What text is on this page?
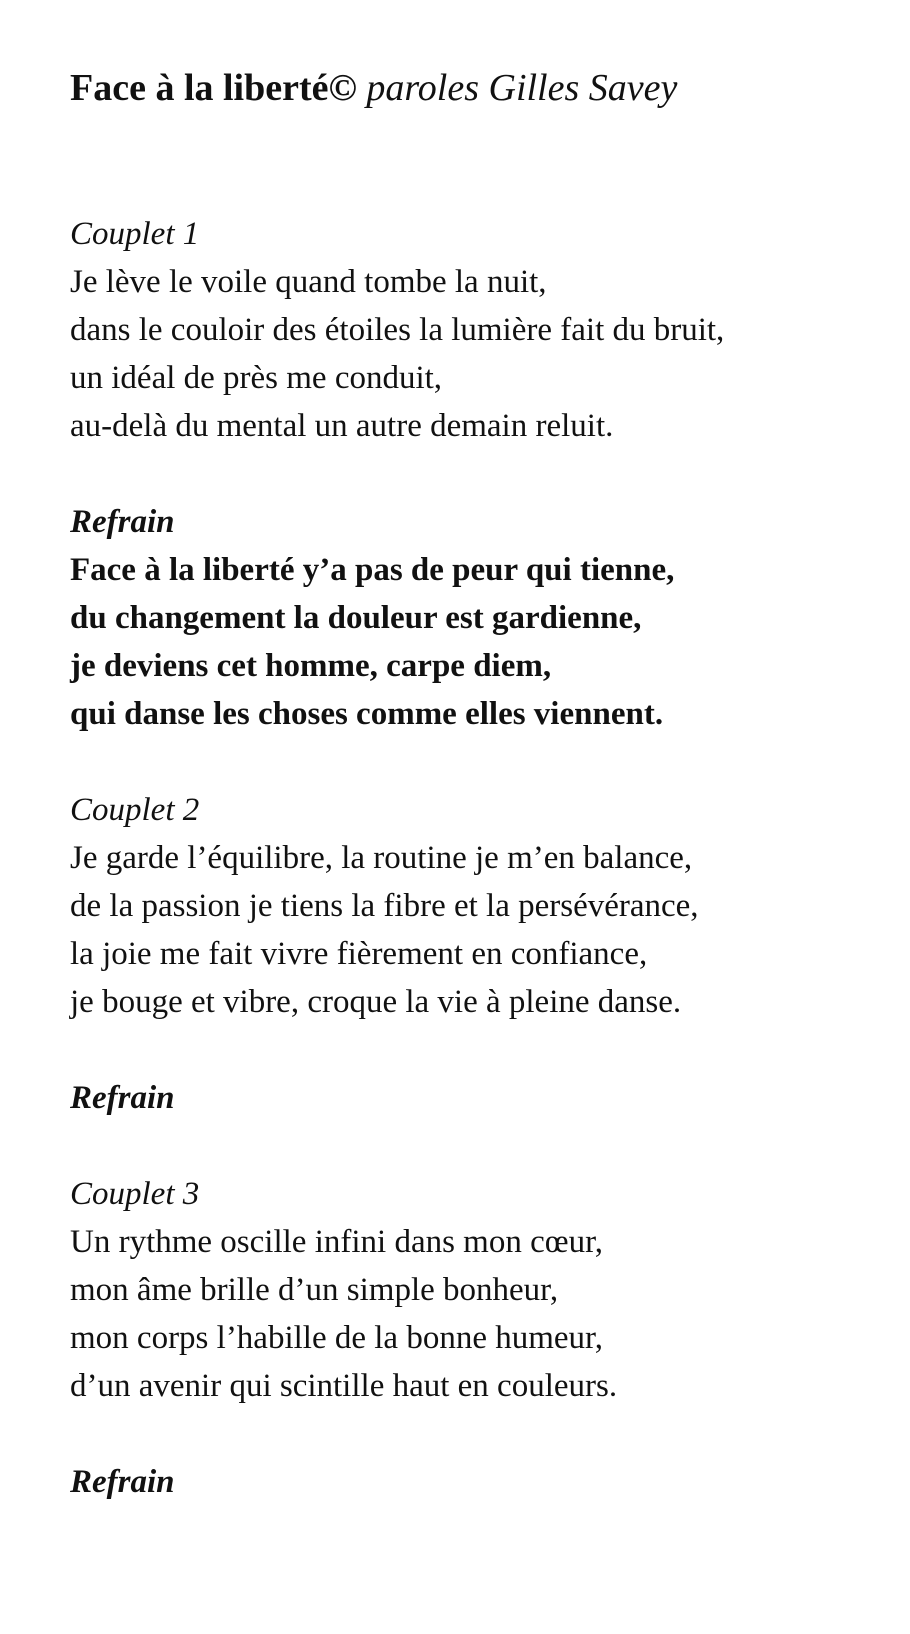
Face à la liberté© paroles Gilles Savey

Couplet 1
Je lève le voile quand tombe la nuit,
dans le couloir des étoiles la lumière fait du bruit,
un idéal de près me conduit,
au-delà du mental un autre demain reluit.
Refrain
Face à la liberté y’a pas de peur qui tienne,
du changement la douleur est gardienne,
je deviens cet homme, carpe diem,
qui danse les choses comme elles viennent.
Couplet 2
Je garde l’équilibre, la routine je m’en balance,
de la passion je tiens la fibre et la persévérance,
la joie me fait vivre fièrement en confiance,
je bouge et vibre, croque la vie à pleine danse.
Refrain
Couplet 3
Un rythme oscille infini dans mon cœur,
mon âme brille d’un simple bonheur,
mon corps l’habille de la bonne humeur,
d’un avenir qui scintille haut en couleurs.
Refrain
